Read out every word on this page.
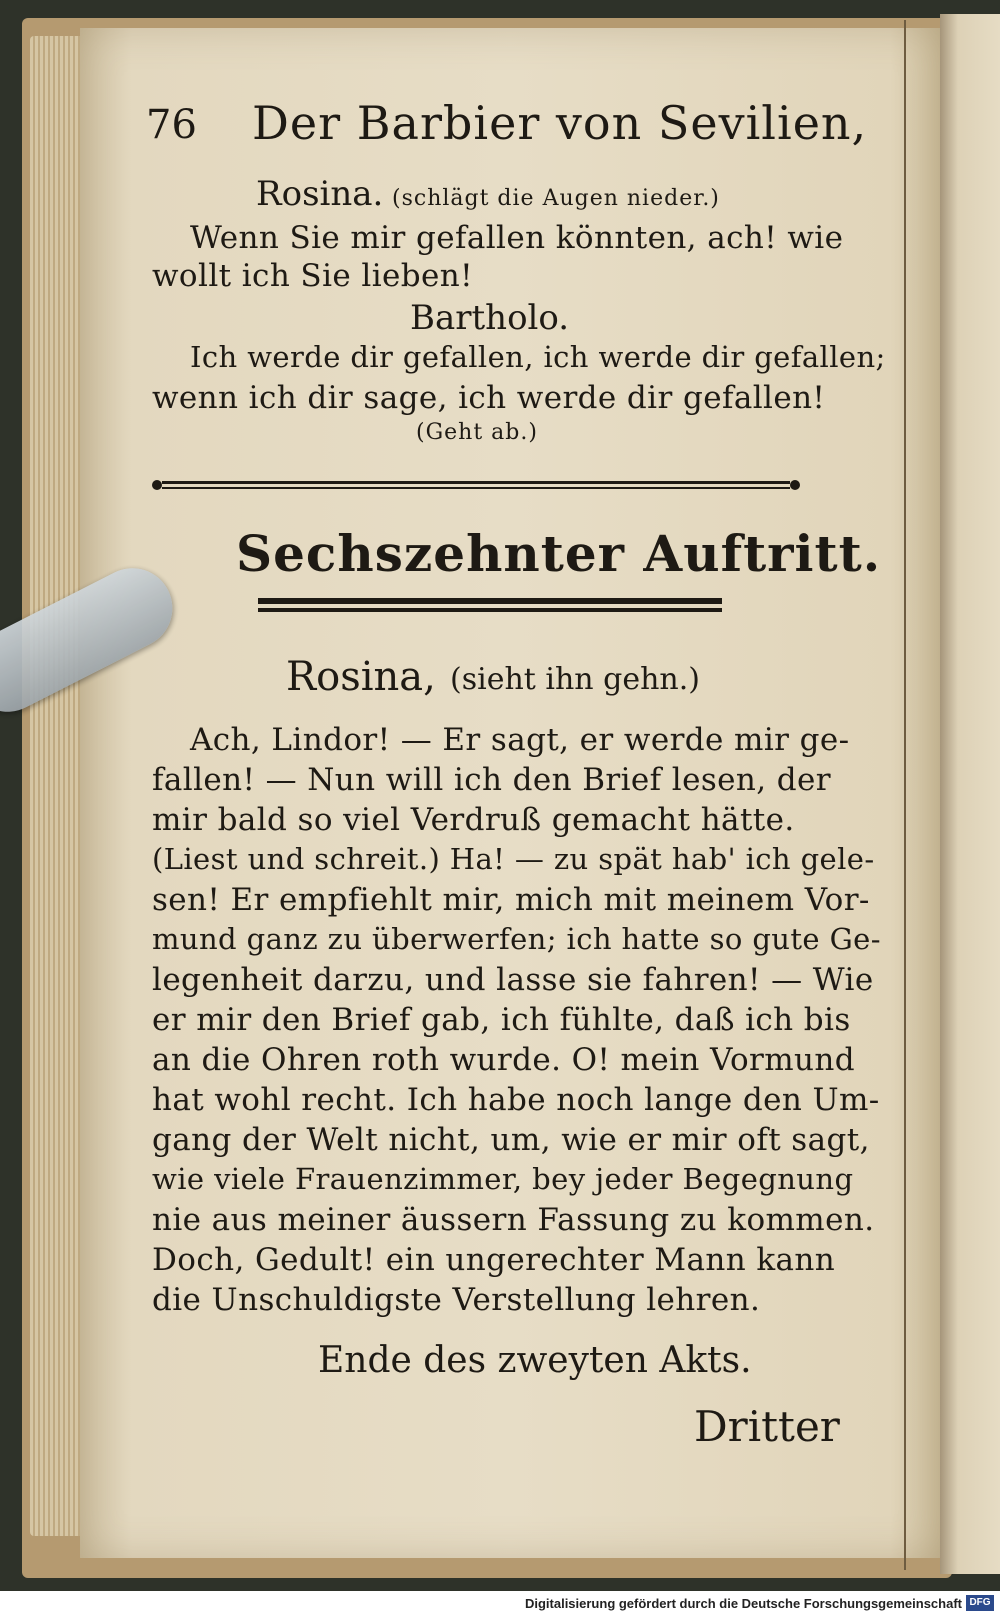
76 Der Barbier von Sevilien,
Rosina. (schlägt die Augen nieder.)
Wenn Sie mir gefallen könnten, ach! wie
wollt ich Sie lieben!
Bartholo.
Ich werde dir gefallen, ich werde dir gefallen;
wenn ich dir sage, ich werde dir gefallen!
(Geht ab.)
Sechszehnter Auftritt.
Rosina, (sieht ihn gehn.)
Ach, Lindor! — Er sagt, er werde mir ge-
fallen! — Nun will ich den Brief lesen, der
mir bald so viel Verdruß gemacht hätte.
(Liest und schreit.) Ha! — zu spät hab' ich gele-
sen! Er empfiehlt mir, mich mit meinem Vor-
mund ganz zu überwerfen; ich hatte so gute Ge-
legenheit darzu, und lasse sie fahren! — Wie
er mir den Brief gab, ich fühlte, daß ich bis
an die Ohren roth wurde. O! mein Vormund
hat wohl recht. Ich habe noch lange den Um-
gang der Welt nicht, um, wie er mir oft sagt,
wie viele Frauenzimmer, bey jeder Begegnung
nie aus meiner äussern Fassung zu kommen.
Doch, Gedult! ein ungerechter Mann kann
die Unschuldigste Verstellung lehren.
Ende des zweyten Akts.
Dritter
Digitalisierung gefördert durch die Deutsche Forschungsgemeinschaft DFG
